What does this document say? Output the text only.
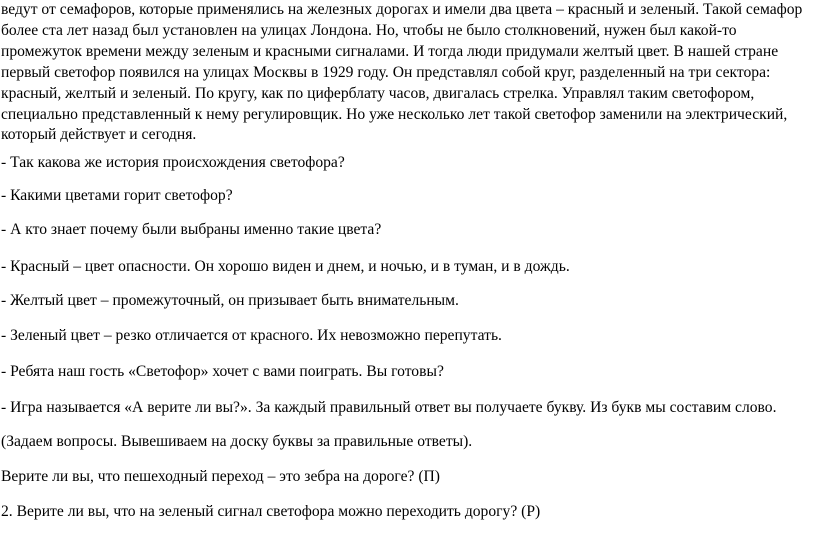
ведут от семафоров, которые применялись на железных дорогах и имели два цвета – красный и зеленый. Такой семафор
более ста лет назад был установлен на улицах Лондона. Но, чтобы не было столкновений, нужен был какой-то
промежуток времени между зеленым и красными сигналами. И тогда люди придумали желтый цвет. В нашей стране
первый светофор появился на улицах Москвы в 1929 году. Он представлял собой круг, разделенный на три сектора:
красный, желтый и зеленый. По кругу, как по циферблату часов, двигалась стрелка. Управлял таким светофором,
специально представленный к нему регулировщик. Но уже несколько лет такой светофор заменили на электрический,
который действует и сегодня.
- Так какова же история происхождения светофора?
- Какими цветами горит светофор?
- А кто знает почему были выбраны именно такие цвета?
- Красный – цвет опасности. Он хорошо виден и днем, и ночью, и в туман, и в дождь.
- Желтый цвет – промежуточный, он призывает быть внимательным.
- Зеленый цвет – резко отличается от красного. Их невозможно перепутать.
- Ребята наш гость «Светофор» хочет с вами поиграть. Вы готовы?
- Игра называется «А верите ли вы?». За каждый правильный ответ вы получаете букву. Из букв мы составим слово.
(Задаем вопросы. Вывешиваем на доску буквы за правильные ответы).
Верите ли вы, что пешеходный переход – это зебра на дороге? (П)
2. Верите ли вы, что на зеленый сигнал светофора можно переходить дорогу? (Р)
